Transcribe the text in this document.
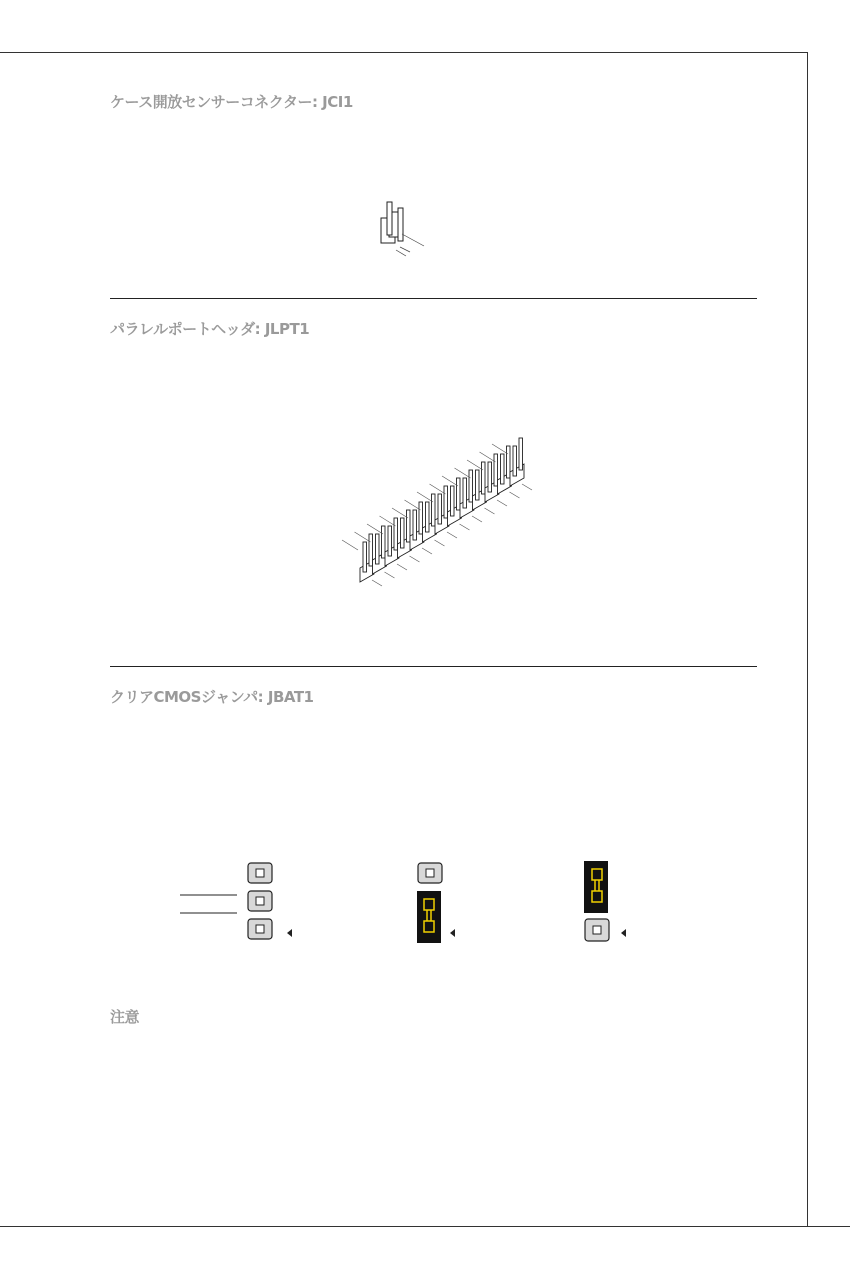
ケース開放センサーコネクター: JCI1
パラレルポートヘッダ: JLPT1
クリアCMOSジャンパ: JBAT1
注意
